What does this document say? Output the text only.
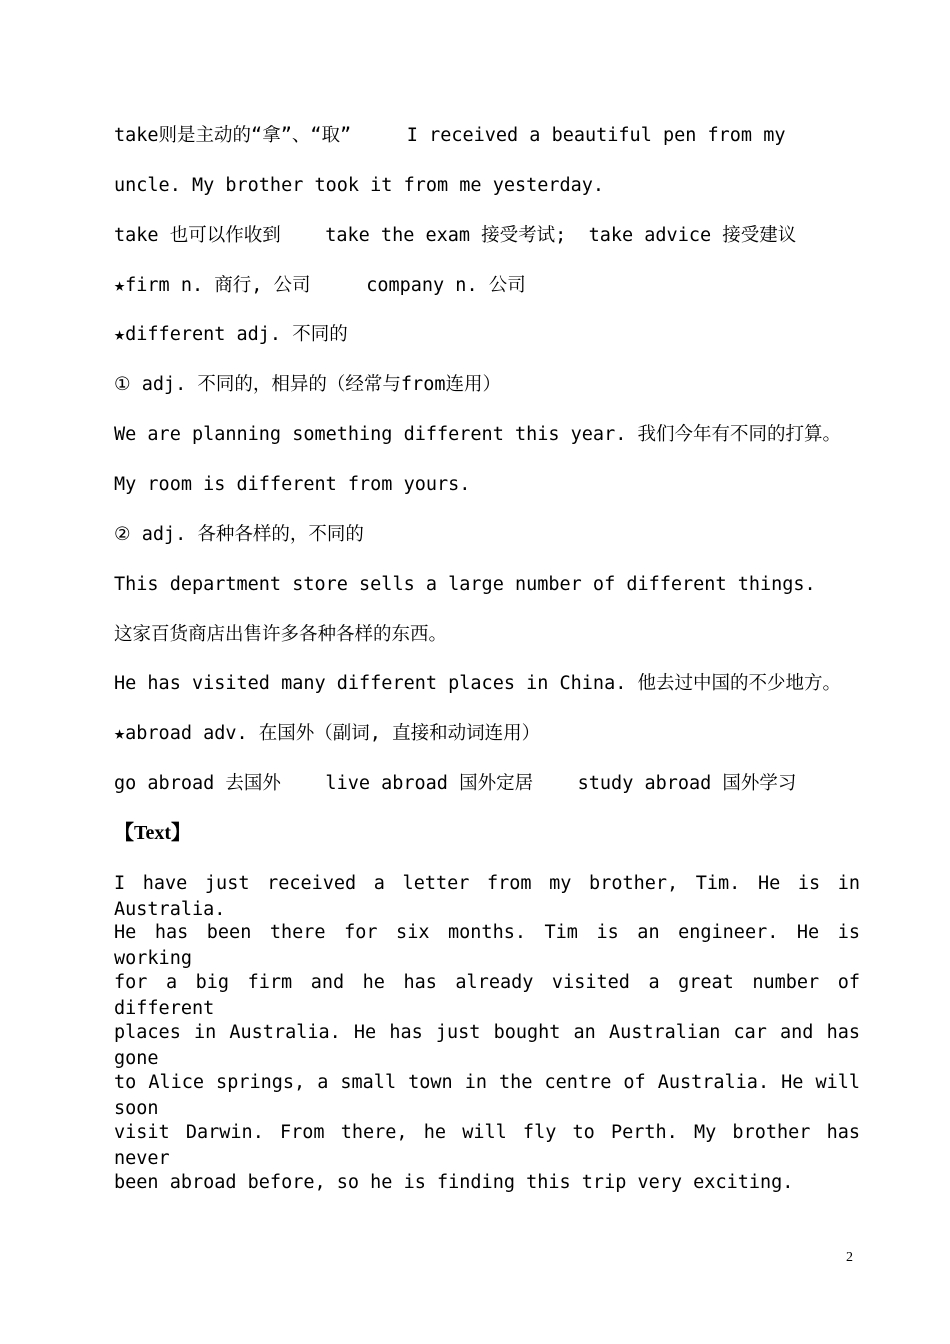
take则是主动的“拿”、“取”     I received a beautiful pen from my
uncle. My brother took it from me yesterday.
take 也可以作收到    take the exam 接受考试;  take advice 接受建议
★firm n. 商行, 公司     company n. 公司
★different adj. 不同的
① adj. 不同的，相异的（经常与from连用）
We are planning something different this year. 我们今年有不同的打算。
My room is different from yours.
② adj. 各种各样的，不同的
This department store sells a large number of different things.
这家百货商店出售许多各种各样的东西。
He has visited many different places in China. 他去过中国的不少地方。
★abroad adv. 在国外（副词, 直接和动词连用）
go abroad 去国外    live abroad 国外定居    study abroad 国外学习
【Text】
I have just received a letter from my brother, Tim. He is in Australia.
He has been there for six months. Tim is an engineer. He is working
for a big firm and he has already visited a great number of different
places in Australia. He has just bought an Australian car and has gone
to Alice springs, a small town in the centre of Australia. He will soon
visit Darwin. From there, he will fly to Perth. My brother has never
been abroad before, so he is finding this trip very exciting.
2
